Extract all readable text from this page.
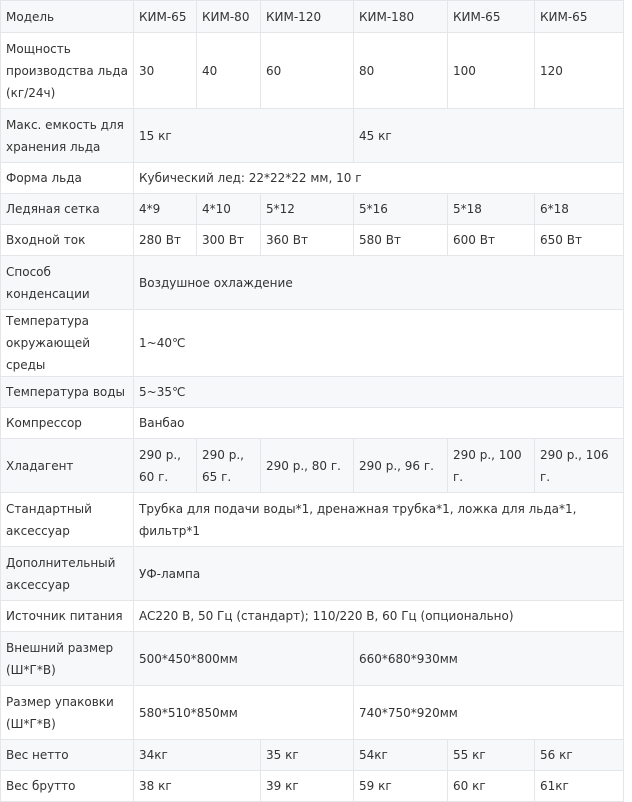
Модель	КИМ-65	КИМ-80	КИМ-120	КИМ-180	КИМ-65	КИМ-65
Мощность производства льда (кг/24ч)	30	40	60	80	100	120
Макс. емкость для хранения льда	15 кг			45 кг		
Форма льда	Кубический лед: 22*22*22 мм, 10 г					
Ледяная сетка	4*9	4*10	5*12	5*16	5*18	6*18
Входной ток	280 Вт	300 Вт	360 Вт	580 Вт	600 Вт	650 Вт
Способ конденсации	Воздушное охлаждение					
Температура окружающей среды	1~40℃					
Температура воды	5~35℃					
Компрессор	Ванбао					
Хладагент	290 р., 60 г.	290 р., 65 г.	290 р., 80 г.	290 р., 96 г.	290 р., 100 г.	290 р., 106 г.
Стандартный аксессуар	Трубка для подачи воды*1, дренажная трубка*1, ложка для льда*1, фильтр*1					
Дополнительный аксессуар	УФ-лампа					
Источник питания	AC220 В, 50 Гц (стандарт); 110/220 В, 60 Гц (опционально)					
Внешний размер (Ш*Г*В)	500*450*800мм			660*680*930мм		
Размер упаковки (Ш*Г*В)	580*510*850мм			740*750*920мм		
Вес нетто	34кг		35 кг	54кг	55 кг	56 кг
Вес брутто	38 кг		39 кг	59 кг	60 кг	61кг
